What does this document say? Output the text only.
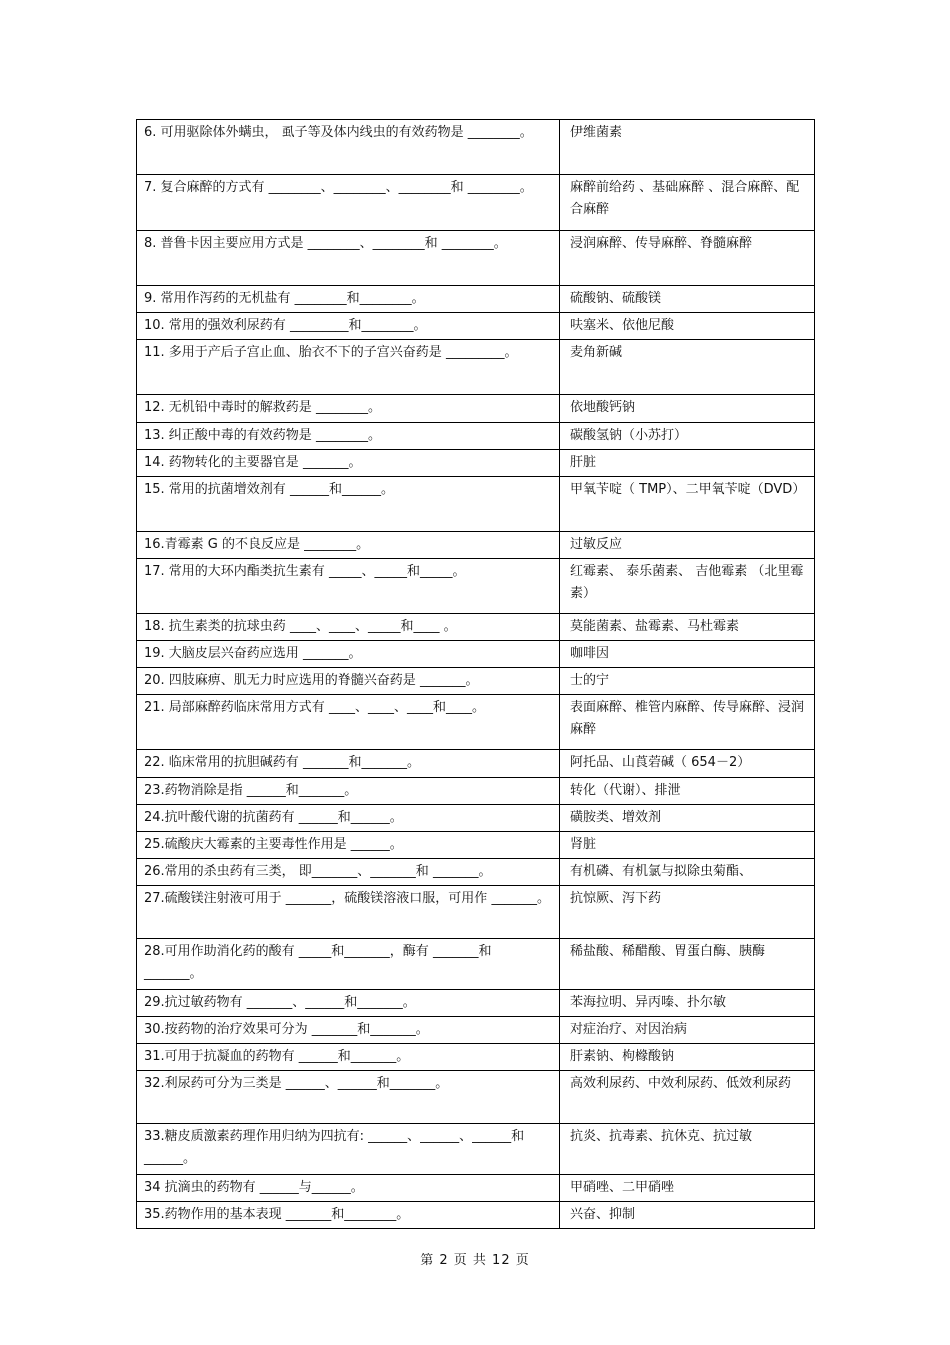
6. 可用驱除体外螨虫， 虱子等及体内线虫的有效药物是 ________。	伊维菌素
7. 复合麻醉的方式有 ________、________、________和 ________。	麻醉前给药 、基础麻醉 、混合麻醉、配合麻醉
8. 普鲁卡因主要应用方式是 ________、________和 ________。	浸润麻醉、传导麻醉、脊髓麻醉
9. 常用作泻药的无机盐有 ________和________。	硫酸钠、硫酸镁
10. 常用的强效利尿药有 _________和________。	呋塞米、依他尼酸
11. 多用于产后子宫止血、胎衣不下的子宫兴奋药是 _________。	麦角新碱
12. 无机铅中毒时的解救药是 ________。	依地酸钙钠
13. 纠正酸中毒的有效药物是 ________。	碳酸氢钠（小苏打）
14. 药物转化的主要器官是 _______。	肝脏
15. 常用的抗菌增效剂有 ______和______。	甲氧苄啶（ TMP）、二甲氧苄啶（DVD）
16.青霉素 G 的不良反应是 ________。	过敏反应
17. 常用的大环内酯类抗生素有 _____、_____和_____。	红霉素、 泰乐菌素、 吉他霉素 （北里霉素）
18. 抗生素类的抗球虫药 ____、____、_____和____ 。	莫能菌素、盐霉素、马杜霉素
19. 大脑皮层兴奋药应选用 _______。	咖啡因
20. 四肢麻痹、肌无力时应选用的脊髓兴奋药是 _______。	士的宁
21. 局部麻醉药临床常用方式有 ____、____、____和____。	表面麻醉、椎管内麻醉、传导麻醉、浸润麻醉
22. 临床常用的抗胆碱药有 _______和_______。	阿托品、山莨菪碱（ 654－2）
23.药物消除是指 ______和_______。	转化（代谢）、排泄
24.抗叶酸代谢的抗菌药有 ______和______。	磺胺类、增效剂
25.硫酸庆大霉素的主要毒性作用是 ______。	肾脏
26.常用的杀虫药有三类， 即_______、_______和 _______。	有机磷、有机氯与拟除虫菊酯、
27.硫酸镁注射液可用于 _______，硫酸镁溶液口服，可用作 _______。	抗惊厥、泻下药
28.可用作助消化药的酸有 _____和_______，酶有 _______和 _______。	稀盐酸、稀醋酸、胃蛋白酶、胰酶
29.抗过敏药物有 _______、______和_______。	苯海拉明、异丙嗪、扑尔敏
30.按药物的治疗效果可分为 _______和_______。	对症治疗、对因治病
31.可用于抗凝血的药物有 ______和_______。	肝素钠、枸橼酸钠
32.利尿药可分为三类是 ______、______和_______。	高效利尿药、中效利尿药、低效利尿药
33.糖皮质激素药理作用归纳为四抗有: ______、______、______和______。	抗炎、抗毒素、抗休克、抗过敏
34 抗滴虫的药物有 ______与______。	甲硝唑、二甲硝唑
35.药物作用的基本表现 _______和________。	兴奋、抑制
第 2 页 共 12 页
